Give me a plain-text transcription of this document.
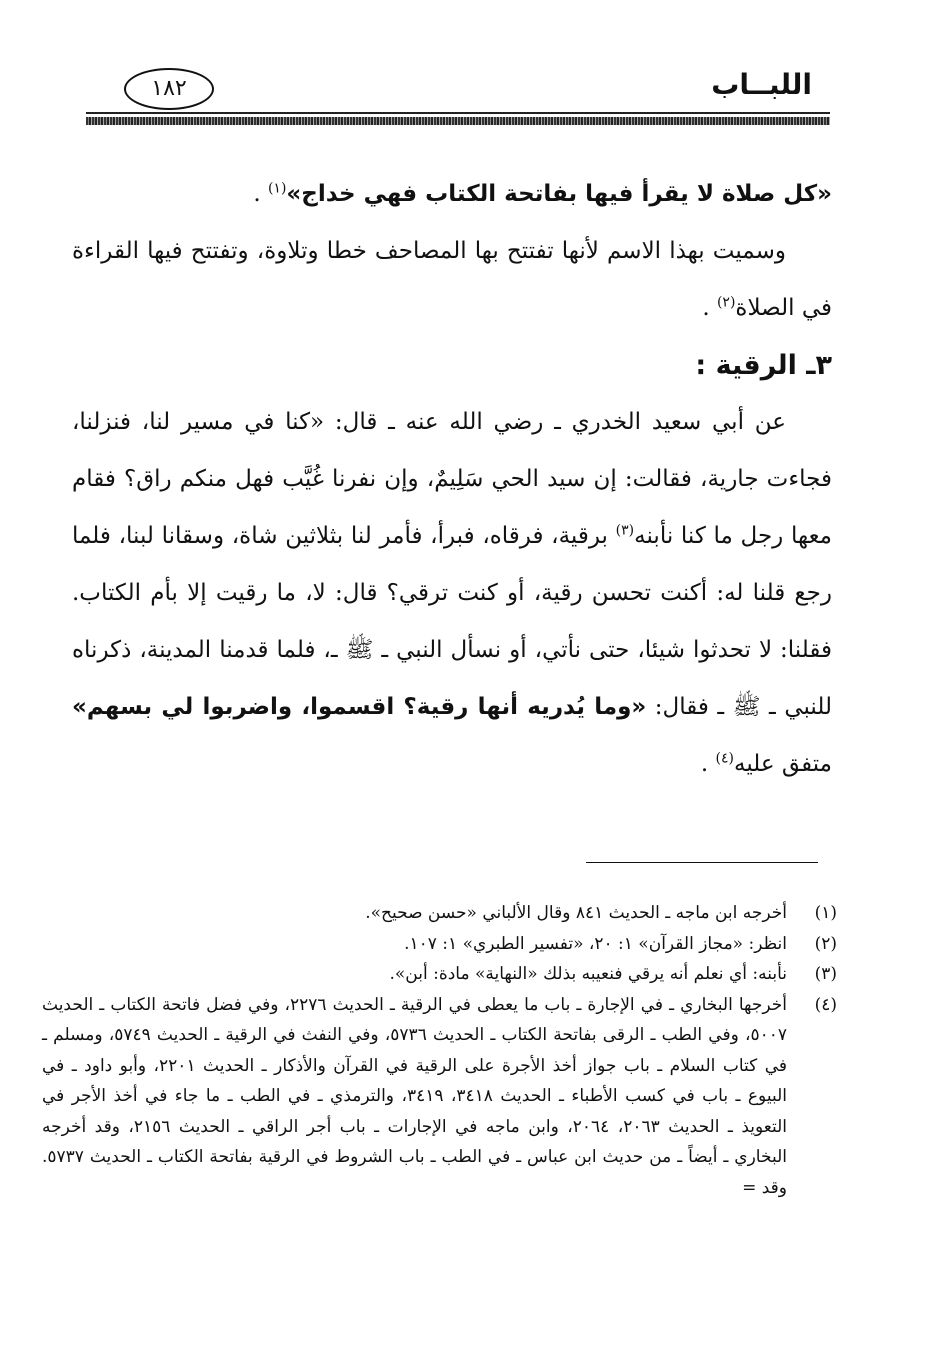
اللبــاب
١٨٢

«كل صلاة لا يقرأ فيها بفاتحة الكتاب فهي خداج»$^{(١)}$ .

وسميت بهذا الاسم لأنها تفتتح بها المصاحف خطا وتلاوة، وتفتتح فيها القراءة في الصلاة$^{(٢)}$ .

٣ـ الرقية :

عن أبي سعيد الخدري ـ رضي الله عنه ـ قال: «كنا في مسير لنا، فنزلنا، فجاءت جارية، فقالت: إن سيد الحي سَلِيمٌ، وإن نفرنا غُيَّب فهل منكم راق؟ فقام معها رجل ما كنا نأبنه$^{(٣)}$ برقية، فرقاه، فبرأ، فأمر لنا بثلاثين شاة، وسقانا لبنا، فلما رجع قلنا له: أكنت تحسن رقية، أو كنت ترقي؟ قال: لا، ما رقيت إلا بأم الكتاب. فقلنا: لا تحدثوا شيئا، حتى نأتي، أو نسأل النبي ـ ﷺ ـ، فلما قدمنا المدينة، ذكرناه للنبي ـ ﷺ ـ فقال: «وما يُدريه أنها رقية؟ اقسموا، واضربوا لي بسهم» متفق عليه$^{(٤)}$ .

(١)
أخرجه ابن ماجه ـ الحديث ٨٤١ وقال الألباني «حسن صحيح».
(٢)
انظر: «مجاز القرآن» ١: ٢٠، «تفسير الطبري» ١: ١٠٧.
(٣)
نأبنه: أي نعلم أنه يرقي فنعيبه بذلك «النهاية» مادة: أبن».
(٤)
أخرجها البخاري ـ في الإجارة ـ باب ما يعطى في الرقية ـ الحديث ٢٢٧٦، وفي فضل فاتحة الكتاب ـ الحديث ٥٠٠٧، وفي الطب ـ الرقى بفاتحة الكتاب ـ الحديث ٥٧٣٦، وفي النفث في الرقية ـ الحديث ٥٧٤٩، ومسلم ـ في كتاب السلام ـ باب جواز أخذ الأجرة على الرقية في القرآن والأذكار ـ الحديث ٢٢٠١، وأبو داود ـ في البيوع ـ باب في كسب الأطباء ـ الحديث ٣٤١٨، ٣٤١٩، والترمذي ـ في الطب ـ ما جاء في أخذ الأجر في التعويذ ـ الحديث ٢٠٦٣، ٢٠٦٤، وابن ماجه في الإجارات ـ باب أجر الراقي ـ الحديث ٢١٥٦، وقد أخرجه البخاري ـ أيضاً ـ من حديث ابن عباس ـ في الطب ـ باب الشروط في الرقية بفاتحة الكتاب ـ الحديث ٥٧٣٧. وقد =
